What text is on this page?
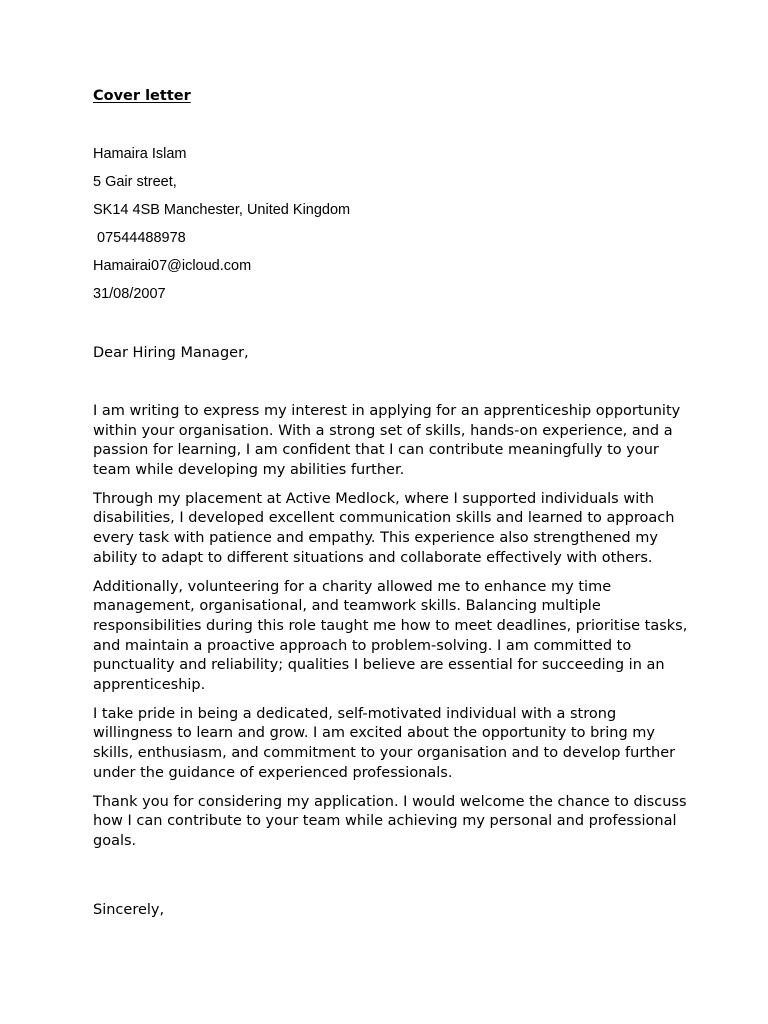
Cover letter
Hamaira Islam
5 Gair street,
SK14 4SB Manchester, United Kingdom
07544488978
Hamairai07@icloud.com
31/08/2007
Dear Hiring Manager,

I am writing to express my interest in applying for an apprenticeship opportunity within your organisation. With a strong set of skills, hands-on experience, and a passion for learning, I am confident that I can contribute meaningfully to your team while developing my abilities further.

Through my placement at Active Medlock, where I supported individuals with disabilities, I developed excellent communication skills and learned to approach every task with patience and empathy. This experience also strengthened my ability to adapt to different situations and collaborate effectively with others.

Additionally, volunteering for a charity allowed me to enhance my time management, organisational, and teamwork skills. Balancing multiple responsibilities during this role taught me how to meet deadlines, prioritise tasks, and maintain a proactive approach to problem-solving. I am committed to punctuality and reliability; qualities I believe are essential for succeeding in an apprenticeship.

I take pride in being a dedicated, self-motivated individual with a strong willingness to learn and grow. I am excited about the opportunity to bring my skills, enthusiasm, and commitment to your organisation and to develop further under the guidance of experienced professionals.

Thank you for considering my application. I would welcome the chance to discuss how I can contribute to your team while achieving my personal and professional goals.

Sincerely,
